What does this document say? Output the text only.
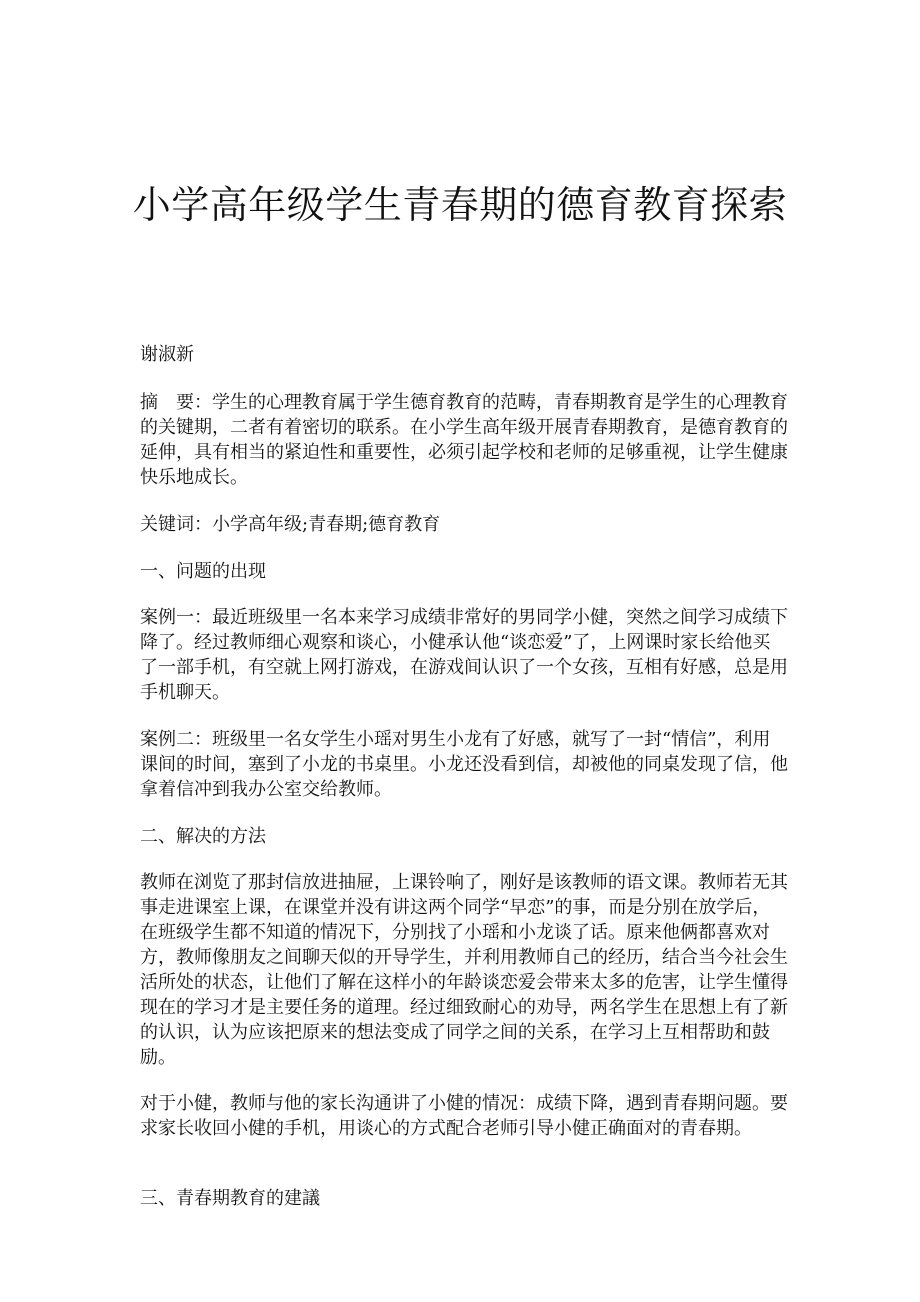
小学高年级学生青春期的德育教育探索

谢淑新

摘 要：学生的心理教育属于学生德育教育的范畴，青春期教育是学生的心理教育的关键期，二者有着密切的联系。在小学生高年级开展青春期教育，是德育教育的延伸，具有相当的紧迫性和重要性，必须引起学校和老师的足够重视，让学生健康快乐地成长。

关键词：小学高年级;青春期;德育教育

一、问题的出现

案例一：最近班级里一名本来学习成绩非常好的男同学小健，突然之间学习成绩下降了。经过教师细心观察和谈心，小健承认他“谈恋爱”了，上网课时家长给他买了一部手机，有空就上网打游戏，在游戏间认识了一个女孩，互相有好感，总是用手机聊天。

案例二：班级里一名女学生小瑶对男生小龙有了好感，就写了一封“情信”，利用课间的时间，塞到了小龙的书桌里。小龙还没看到信，却被他的同桌发现了信，他拿着信冲到我办公室交给教师。

二、解决的方法

教师在浏览了那封信放进抽屉，上课铃响了，刚好是该教师的语文课。教师若无其事走进课室上课，在课堂并没有讲这两个同学“早恋”的事，而是分别在放学后，在班级学生都不知道的情况下，分别找了小瑶和小龙谈了话。原来他俩都喜欢对方，教师像朋友之间聊天似的开导学生，并利用教师自己的经历，结合当今社会生活所处的状态，让他们了解在这样小的年龄谈恋爱会带来太多的危害，让学生懂得现在的学习才是主要任务的道理。经过细致耐心的劝导，两名学生在思想上有了新的认识，认为应该把原来的想法变成了同学之间的关系，在学习上互相帮助和鼓励。

对于小健，教师与他的家长沟通讲了小健的情况：成绩下降，遇到青春期问题。要求家长收回小健的手机，用谈心的方式配合老师引导小健正确面对的青春期。

三、青春期教育的建議
